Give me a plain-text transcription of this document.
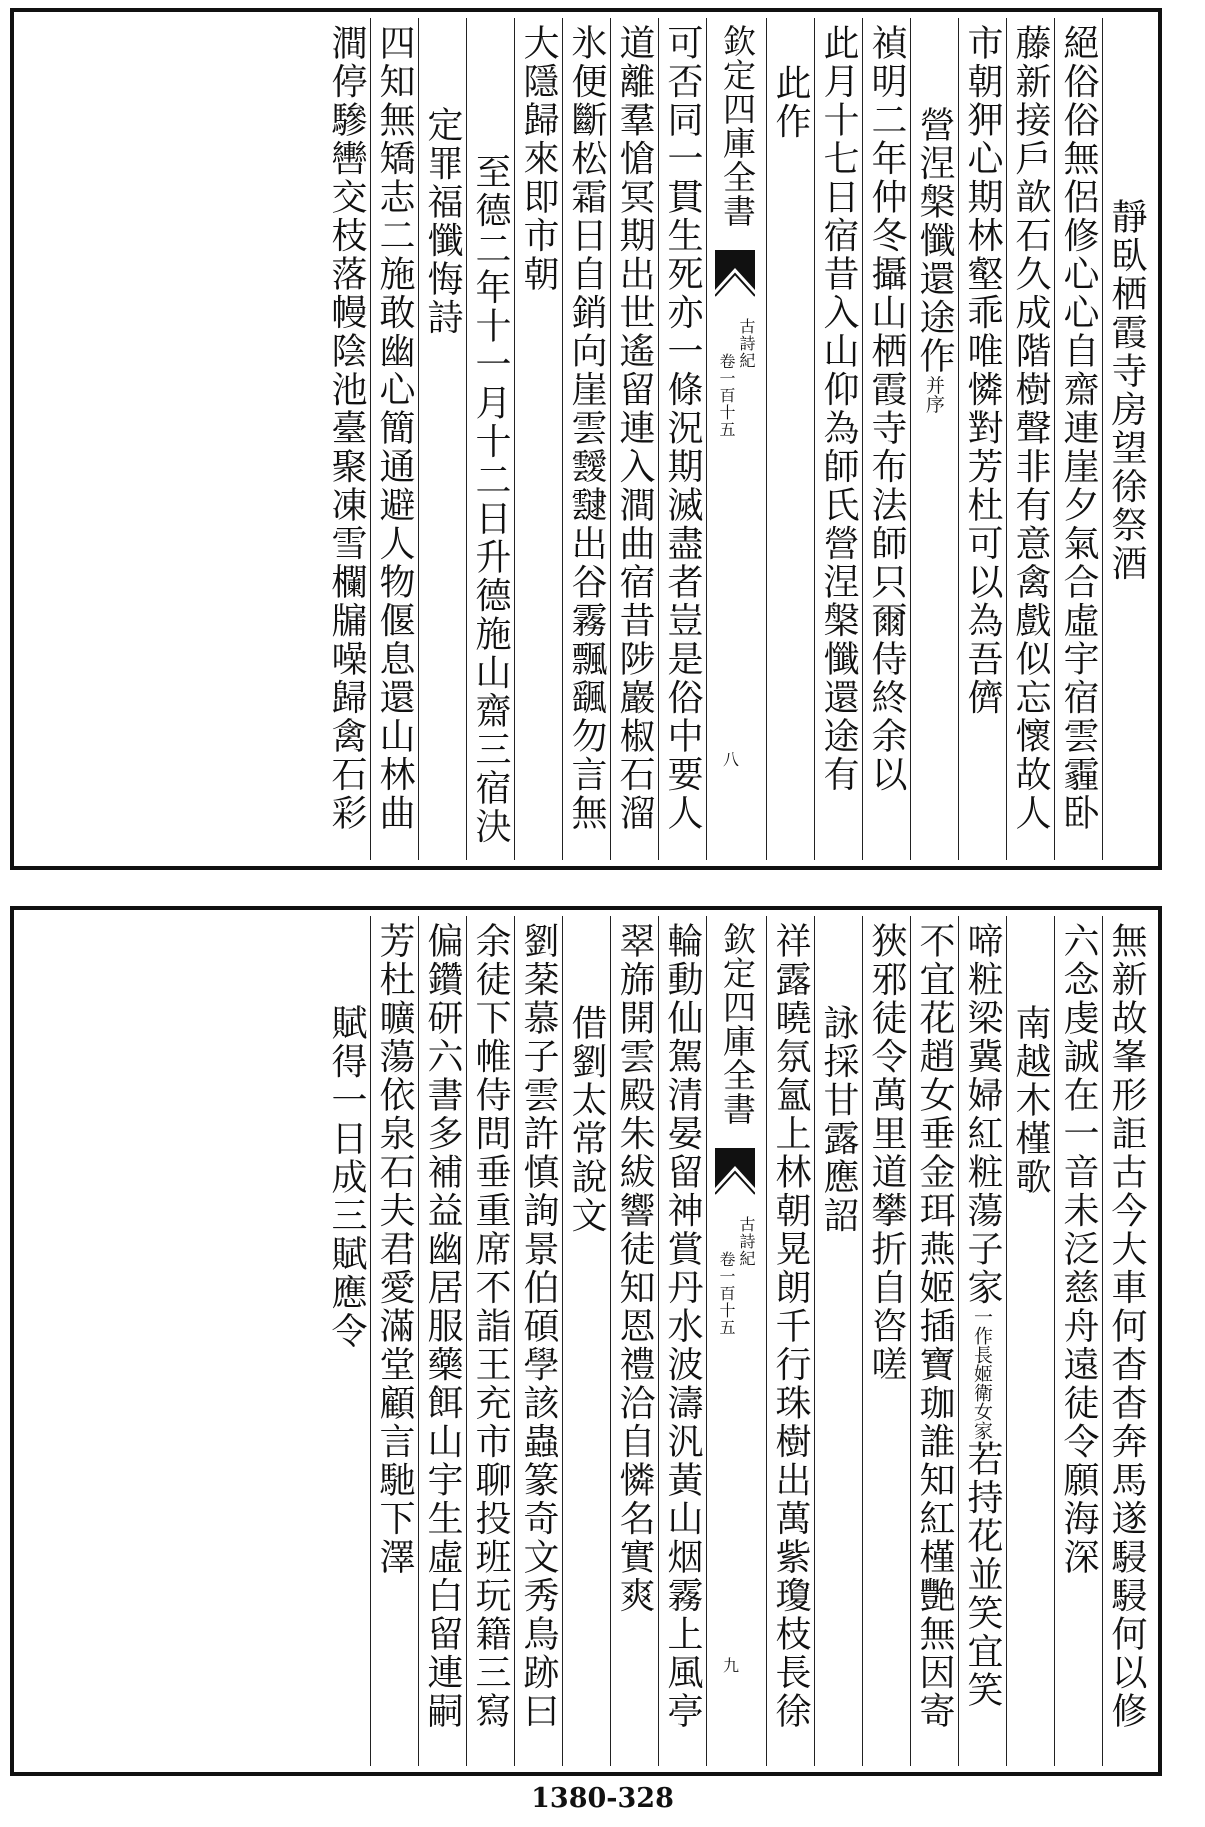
靜臥栖霞寺房望徐祭酒
絕俗俗無侶修心心自齋連崖夕氣合虛宇宿雲霾卧
藤新接戶歆石久成階樹聲非有意禽戲似忘懷故人
市朝狎心期林壑乖唯憐對芳杜可以為吾儕
營涅槃懺還途作并序
禎明二年仲冬攝山栖霞寺布法師只爾侍終余以
此月十七日宿昔入山仰為師氏營涅槃懺還途有
此作
欽定四庫全書
古詩紀
卷一百十五
八
可否同一貫生死亦一條況期滅盡者豈是俗中要人
道離羣愴冥期出世遙留連入澗曲宿昔陟巖椒石溜
氷便斷松霜日自銷向崖雲靉靆出谷霧飄颻勿言無
大隱歸來即市朝
至德二年十一月十二日升德施山齋三宿決
定罪福懺悔詩
四知無矯志二施敢幽心簡通避人物偃息還山林曲
澗停驂轡交枝落幔陰池臺聚凍雪欄牖噪歸禽石彩
無新故峯形詎古今大車何杳杳奔馬遂駸駸何以修
六念虔誠在一音未泛慈舟遠徒令願海深
南越木槿歌
啼粧梁冀婦紅粧蕩子家一作長姬衛女家若持花並笑宜笑
不宜花趙女垂金珥燕姬插寶珈誰知紅槿艷無因寄
狹邪徒令萬里道攀折自咨嗟
詠採甘露應詔
祥露曉氛氳上林朝晃朗千行珠樹出萬紫瓊枝長徐
欽定四庫全書
古詩紀
卷一百十五
九
輪動仙駕清晏留神賞丹水波濤汎黃山烟霧上風亭
翠旆開雲殿朱紱響徒知恩禮洽自憐名實爽
借劉太常說文
劉棻慕子雲許慎詢景伯碩學該蟲篆奇文秀鳥跡曰
余徒下帷侍問垂重席不詣王充市聊投班玩籍三寫
偏鑽研六書多補益幽居服藥餌山宇生虛白留連嗣
芳杜曠蕩依泉石夫君愛滿堂顧言馳下澤
賦得一日成三賦應令
1380-328
